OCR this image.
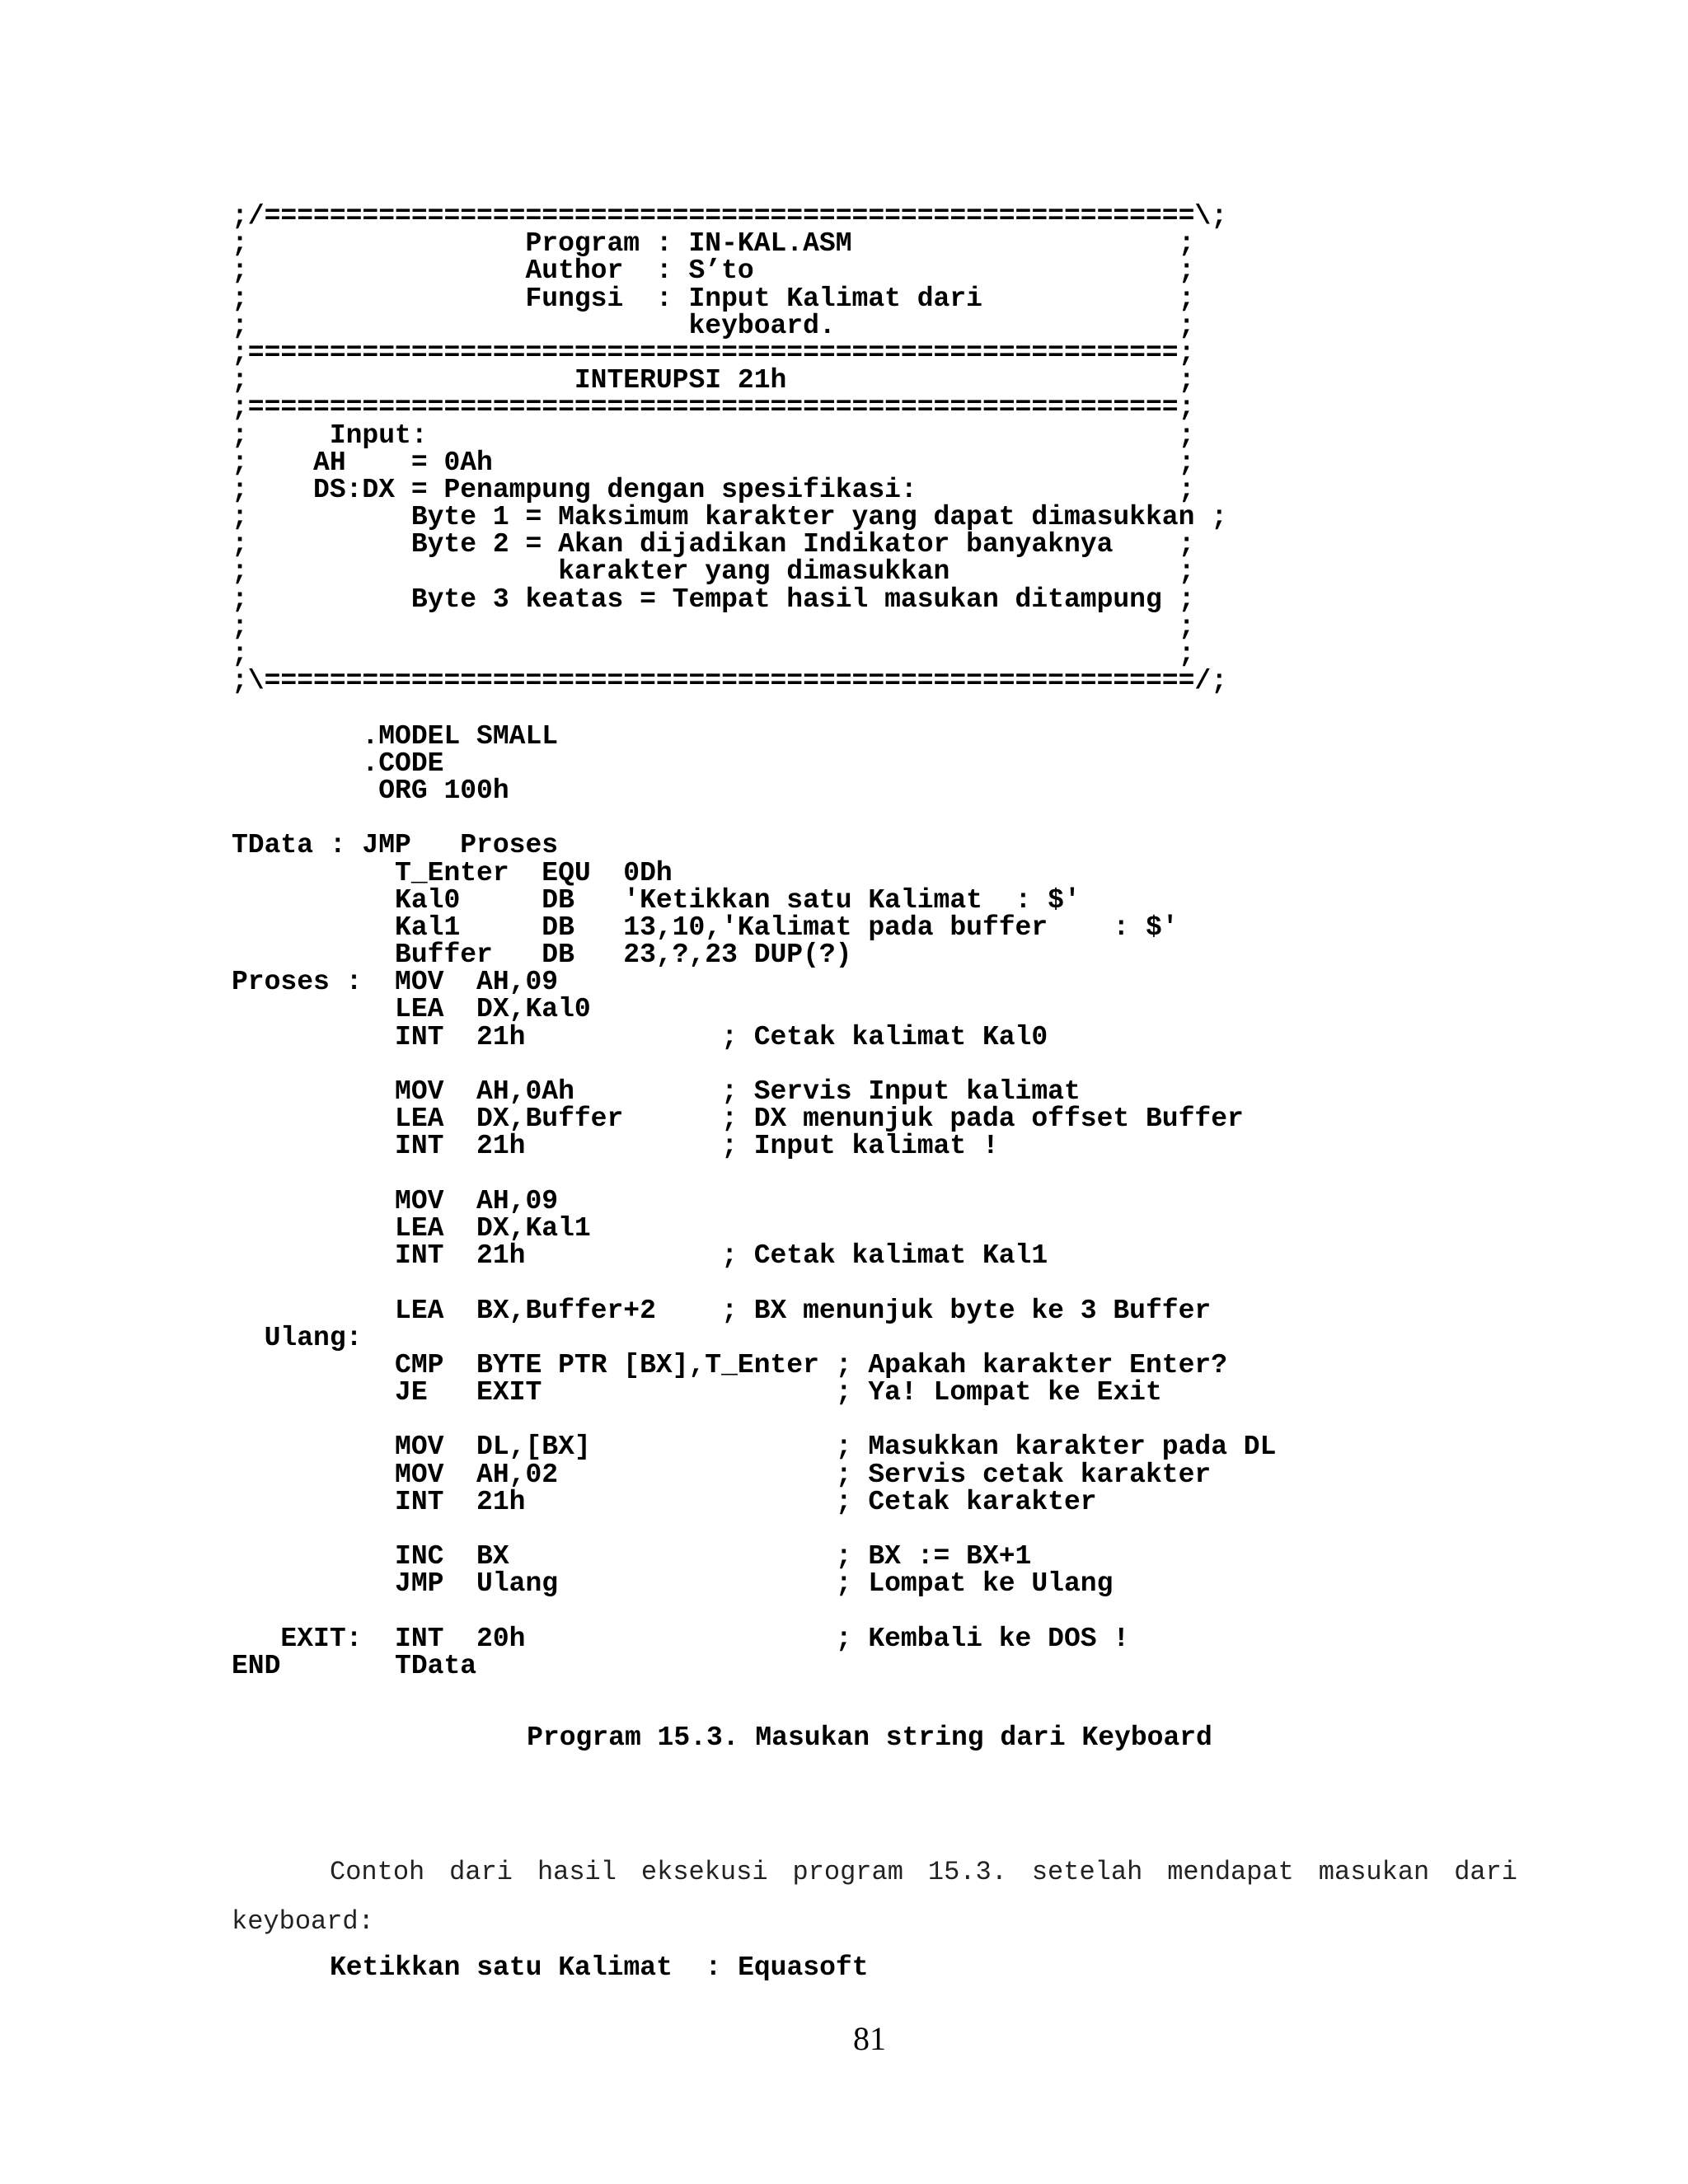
;/=========================================================\;
;                 Program : IN-KAL.ASM                    ;
;                 Author  : S’to                          ;
;                 Fungsi  : Input Kalimat dari            ;
;                           keyboard.                     ;
;=========================================================;
;                    INTERUPSI 21h                        ;
;=========================================================;
;     Input:                                              ;
;    AH    = 0Ah                                          ;
;    DS:DX = Penampung dengan spesifikasi:                ;
;          Byte 1 = Maksimum karakter yang dapat dimasukkan ;
;          Byte 2 = Akan dijadikan Indikator banyaknya    ;
;                   karakter yang dimasukkan              ;
;          Byte 3 keatas = Tempat hasil masukan ditampung ;
;                                                         ;
;                                                         ;
;\=========================================================/;
.MODEL SMALL
.CODE
ORG 100h
TData : JMP   Proses
T_Enter  EQU  0Dh
Kal0     DB   'Ketikkan satu Kalimat  : $'
Kal1     DB   13,10,'Kalimat pada buffer    : $'
Buffer   DB   23,?,23 DUP(?)
Proses :  MOV  AH,09
LEA  DX,Kal0
INT  21h            ; Cetak kalimat Kal0
MOV  AH,0Ah         ; Servis Input kalimat
LEA  DX,Buffer      ; DX menunjuk pada offset Buffer
INT  21h            ; Input kalimat !
MOV  AH,09
LEA  DX,Kal1
INT  21h            ; Cetak kalimat Kal1
LEA  BX,Buffer+2    ; BX menunjuk byte ke 3 Buffer
Ulang:
CMP  BYTE PTR [BX],T_Enter ; Apakah karakter Enter?
JE   EXIT                  ; Ya! Lompat ke Exit
MOV  DL,[BX]               ; Masukkan karakter pada DL
MOV  AH,02                 ; Servis cetak karakter
INT  21h                   ; Cetak karakter
INC  BX                    ; BX := BX+1
JMP  Ulang                 ; Lompat ke Ulang
EXIT:  INT  20h                   ; Kembali ke DOS !
END       TData
Program 15.3. Masukan string dari Keyboard
Contoh dari hasil eksekusi program 15.3. setelah mendapat masukan dari keyboard:
Ketikkan satu Kalimat  : Equasoft
81
